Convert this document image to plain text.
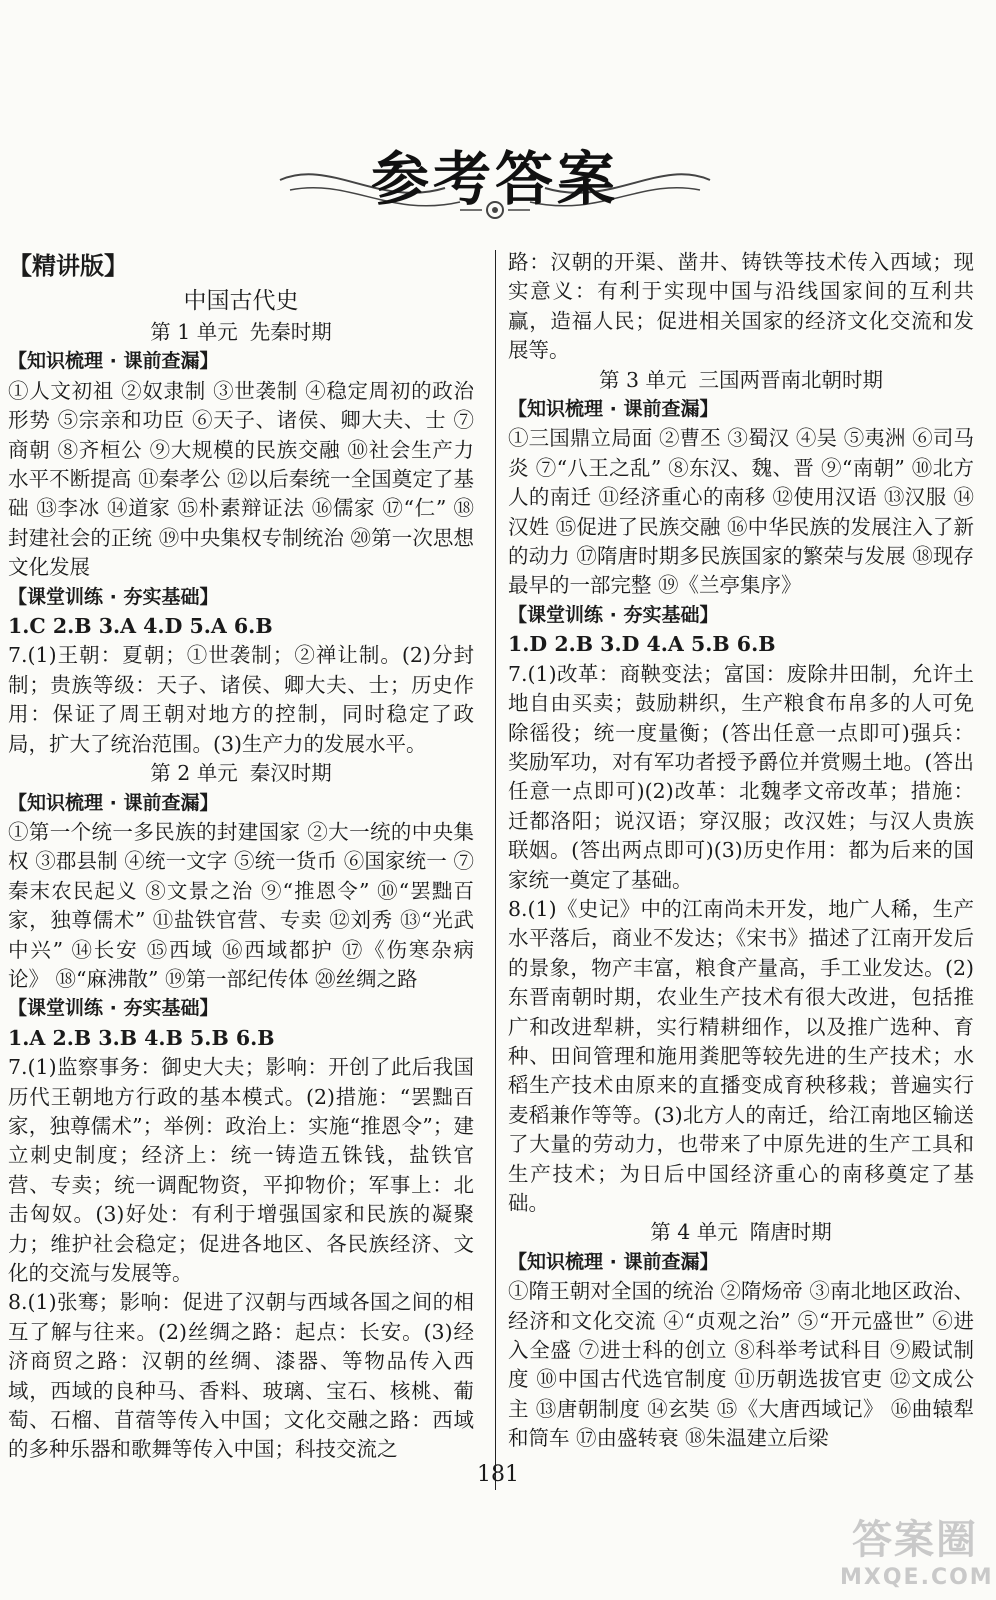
参考答案
【精讲版】
中国古代史
第 1 单元 先秦时期
【知识梳理 · 课前查漏】
①人文初祖 ②奴隶制 ③世袭制 ④稳定周初的政治形势 ⑤宗亲和功臣 ⑥天子、诸侯、卿大夫、士 ⑦商朝 ⑧齐桓公 ⑨大规模的民族交融 ⑩社会生产力水平不断提高 ⑪秦孝公 ⑫以后秦统一全国奠定了基础 ⑬李冰 ⑭道家 ⑮朴素辩证法 ⑯儒家 ⑰“仁” ⑱封建社会的正统 ⑲中央集权专制统治 ⑳第一次思想文化发展
【课堂训练 · 夯实基础】
1.C 2.B 3.A 4.D 5.A 6.B
7.(1)王朝：夏朝；①世袭制；②禅让制。(2)分封制；贵族等级：天子、诸侯、卿大夫、士；历史作用：保证了周王朝对地方的控制，同时稳定了政局，扩大了统治范围。(3)生产力的发展水平。
第 2 单元 秦汉时期
【知识梳理 · 课前查漏】
①第一个统一多民族的封建国家 ②大一统的中央集权 ③郡县制 ④统一文字 ⑤统一货币 ⑥国家统一 ⑦秦末农民起义 ⑧文景之治 ⑨“推恩令” ⑩“罢黜百家，独尊儒术” ⑪盐铁官营、专卖 ⑫刘秀 ⑬“光武中兴” ⑭长安 ⑮西域 ⑯西域都护 ⑰《伤寒杂病论》 ⑱“麻沸散” ⑲第一部纪传体 ⑳丝绸之路
【课堂训练 · 夯实基础】
1.A 2.B 3.B 4.B 5.B 6.B
7.(1)监察事务：御史大夫；影响：开创了此后我国历代王朝地方行政的基本模式。(2)措施：“罢黜百家，独尊儒术”；举例：政治上：实施“推恩令”；建立刺史制度；经济上：统一铸造五铢钱，盐铁官营、专卖；统一调配物资，平抑物价；军事上：北击匈奴。(3)好处：有利于增强国家和民族的凝聚力；维护社会稳定；促进各地区、各民族经济、文化的交流与发展等。
8.(1)张骞；影响：促进了汉朝与西域各国之间的相互了解与往来。(2)丝绸之路：起点：长安。(3)经济商贸之路：汉朝的丝绸、漆器、等物品传入西域，西域的良种马、香料、玻璃、宝石、核桃、葡萄、石榴、苜蓿等传入中国；文化交融之路：西域的多种乐器和歌舞等传入中国；科技交流之
路：汉朝的开渠、凿井、铸铁等技术传入西域；现实意义：有利于实现中国与沿线国家间的互利共赢，造福人民；促进相关国家的经济文化交流和发展等。
第 3 单元 三国两晋南北朝时期
【知识梳理 · 课前查漏】
①三国鼎立局面 ②曹丕 ③蜀汉 ④吴 ⑤夷洲 ⑥司马炎 ⑦“八王之乱” ⑧东汉、魏、晋 ⑨“南朝” ⑩北方人的南迁 ⑪经济重心的南移 ⑫使用汉语 ⑬汉服 ⑭汉姓 ⑮促进了民族交融 ⑯中华民族的发展注入了新的动力 ⑰隋唐时期多民族国家的繁荣与发展 ⑱现存最早的一部完整 ⑲《兰亭集序》
【课堂训练 · 夯实基础】
1.D 2.B 3.D 4.A 5.B 6.B
7.(1)改革：商鞅变法；富国：废除井田制，允许土地自由买卖；鼓励耕织，生产粮食布帛多的人可免除徭役；统一度量衡；(答出任意一点即可)强兵：奖励军功，对有军功者授予爵位并赏赐土地。(答出任意一点即可)(2)改革：北魏孝文帝改革；措施：迁都洛阳；说汉语；穿汉服；改汉姓；与汉人贵族联姻。(答出两点即可)(3)历史作用：都为后来的国家统一奠定了基础。
8.(1)《史记》中的江南尚未开发，地广人稀，生产水平落后，商业不发达；《宋书》描述了江南开发后的景象，物产丰富，粮食产量高，手工业发达。(2)东晋南朝时期，农业生产技术有很大改进，包括推广和改进犁耕，实行精耕细作，以及推广选种、育种、田间管理和施用粪肥等较先进的生产技术；水稻生产技术由原来的直播变成育秧移栽；普遍实行麦稻兼作等等。(3)北方人的南迁，给江南地区输送了大量的劳动力，也带来了中原先进的生产工具和生产技术；为日后中国经济重心的南移奠定了基础。
第 4 单元 隋唐时期
【知识梳理 · 课前查漏】
①隋王朝对全国的统治 ②隋炀帝 ③南北地区政治、经济和文化交流 ④“贞观之治” ⑤“开元盛世” ⑥进入全盛 ⑦进士科的创立 ⑧科举考试科目 ⑨殿试制度 ⑩中国古代选官制度 ⑪历朝选拔官吏 ⑫文成公主 ⑬唐朝制度 ⑭玄奘 ⑮《大唐西域记》 ⑯曲辕犁和筒车 ⑰由盛转衰 ⑱朱温建立后梁
181
答案圈
MXQE.COM
